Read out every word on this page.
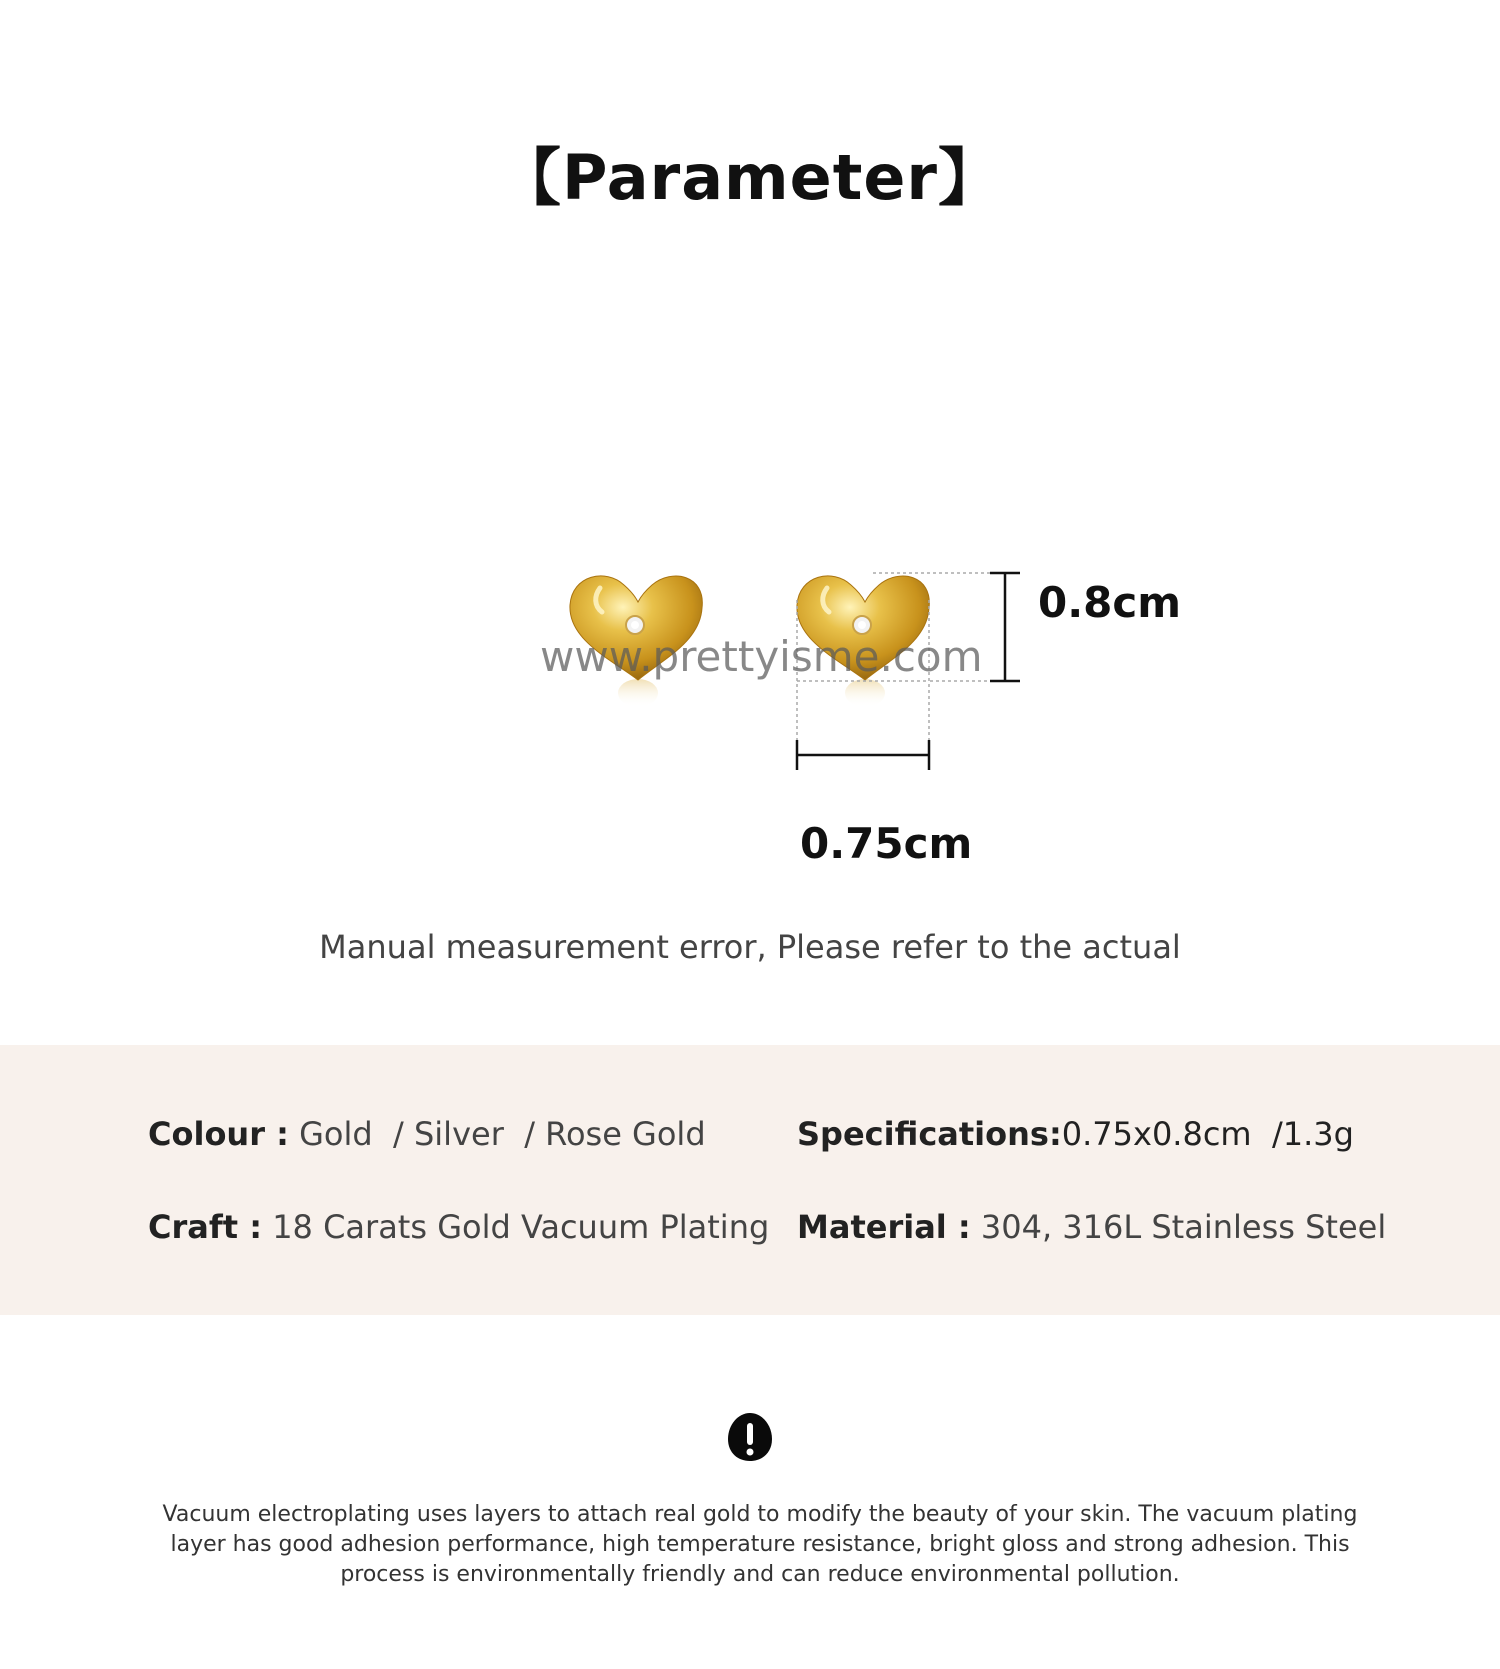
【Parameter】
www.prettyisme.com
0.8cm
0.75cm
Manual measurement error, Please refer to the actual
Colour : Gold  / Silver  / Rose Gold	Specifications:0.75x0.8cm  /1.3g
Craft : 18 Carats Gold Vacuum Plating Material : 304, 316L Stainless Steel
Vacuum electroplating uses layers to attach real gold to modify the beauty of your skin. The vacuum plating layer has good adhesion performance, high temperature resistance, bright gloss and strong adhesion. This process is environmentally friendly and can reduce environmental pollution.
